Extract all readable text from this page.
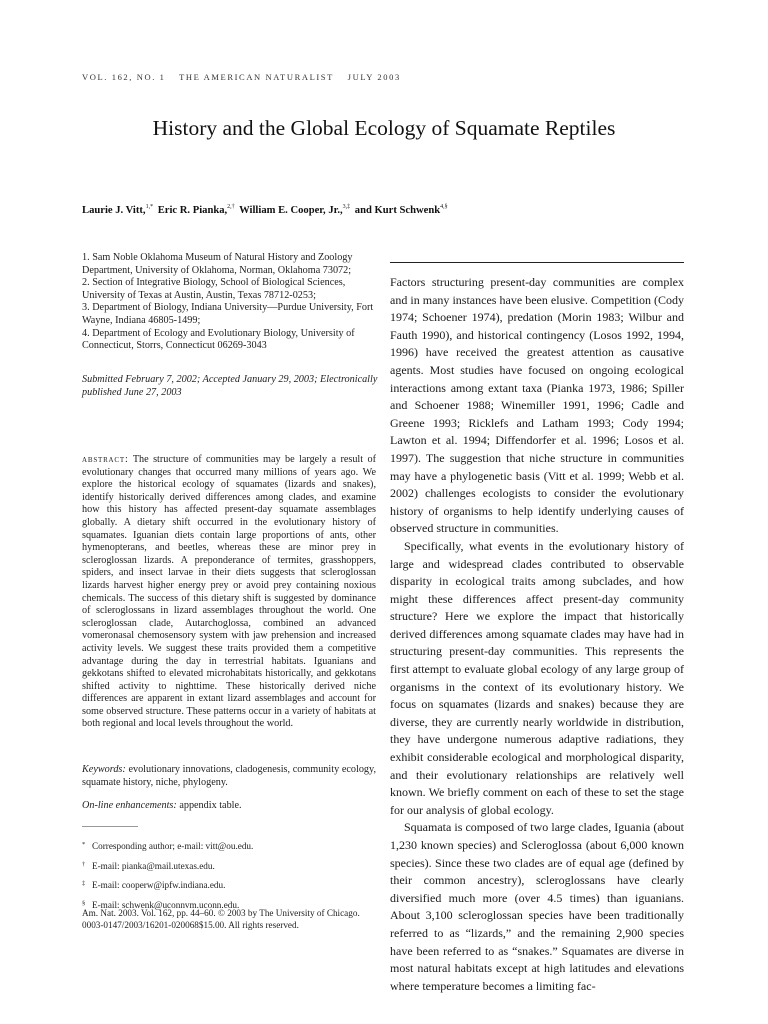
VOL. 162, NO. 1 THE AMERICAN NATURALIST JULY 2003
History and the Global Ecology of Squamate Reptiles
Laurie J. Vitt,$^{1,*}$ Eric R. Pianka,$^{2,\dagger}$ William E. Cooper, Jr.,$^{3,\ddagger}$ and Kurt Schwenk$^{4,\S}$
1. Sam Noble Oklahoma Museum of Natural History and Zoology Department, University of Oklahoma, Norman, Oklahoma 73072;
2. Section of Integrative Biology, School of Biological Sciences, University of Texas at Austin, Austin, Texas 78712-0253;
3. Department of Biology, Indiana University—Purdue University, Fort Wayne, Indiana 46805-1499;
4. Department of Ecology and Evolutionary Biology, University of Connecticut, Storrs, Connecticut 06269-3043
Submitted February 7, 2002; Accepted January 29, 2003; Electronically published June 27, 2003
abstract: The structure of communities may be largely a result of evolutionary changes that occurred many millions of years ago. We explore the historical ecology of squamates (lizards and snakes), identify historically derived differences among clades, and examine how this history has affected present-day squamate assemblages globally. A dietary shift occurred in the evolutionary history of squamates. Iguanian diets contain large proportions of ants, other hymenopterans, and beetles, whereas these are minor prey in scleroglossan lizards. A preponderance of termites, grasshoppers, spiders, and insect larvae in their diets suggests that scleroglossan lizards harvest higher energy prey or avoid prey containing noxious chemicals. The success of this dietary shift is suggested by dominance of scleroglossans in lizard assemblages throughout the world. One scleroglossan clade, Autarchoglossa, combined an advanced vomeronasal chemosensory system with jaw prehension and increased activity levels. We suggest these traits provided them a competitive advantage during the day in terrestrial habitats. Iguanians and gekkotans shifted to elevated microhabitats historically, and gekkotans shifted activity to nighttime. These historically derived niche differences are apparent in extant lizard assemblages and account for some observed structure. These patterns occur in a variety of habitats at both regional and local levels throughout the world.
Keywords: evolutionary innovations, cladogenesis, community ecology, squamate history, niche, phylogeny.
On-line enhancements: appendix table.
* Corresponding author; e-mail: vitt@ou.edu.
† E-mail: pianka@mail.utexas.edu.
‡ E-mail: cooperw@ipfw.indiana.edu.
§ E-mail: schwenk@uconnvm.uconn.edu.
Am. Nat. 2003. Vol. 162, pp. 44–60. © 2003 by The University of Chicago. 0003-0147/2003/16201-020068$15.00. All rights reserved.

Factors structuring present-day communities are complex and in many instances have been elusive. Competition (Cody 1974; Schoener 1974), predation (Morin 1983; Wilbur and Fauth 1990), and historical contingency (Losos 1992, 1994, 1996) have received the greatest attention as causative agents. Most studies have focused on ongoing ecological interactions among extant taxa (Pianka 1973, 1986; Spiller and Schoener 1988; Winemiller 1991, 1996; Cadle and Greene 1993; Ricklefs and Latham 1993; Cody 1994; Lawton et al. 1994; Diffendorfer et al. 1996; Losos et al. 1997). The suggestion that niche structure in communities may have a phylogenetic basis (Vitt et al. 1999; Webb et al. 2002) challenges ecologists to consider the evolutionary history of organisms to help identify underlying causes of observed structure in communities.

Specifically, what events in the evolutionary history of large and widespread clades contributed to observable disparity in ecological traits among subclades, and how might these differences affect present-day community structure? Here we explore the impact that historically derived differences among squamate clades may have had in structuring present-day communities. This represents the first attempt to evaluate global ecology of any large group of organisms in the context of its evolutionary history. We focus on squamates (lizards and snakes) because they are diverse, they are currently nearly worldwide in distribution, they have undergone numerous adaptive radiations, they exhibit considerable ecological and morphological disparity, and their evolutionary relationships are relatively well known. We briefly comment on each of these to set the stage for our analysis of global ecology.

Squamata is composed of two large clades, Iguania (about 1,230 known species) and Scleroglossa (about 6,000 known species). Since these two clades are of equal age (defined by their common ancestry), scleroglossans have clearly diversified much more (over 4.5 times) than iguanians. About 3,100 scleroglossan species have been traditionally referred to as “lizards,” and the remaining 2,900 species have been referred to as “snakes.” Squamates are diverse in most natural habitats except at high latitudes and elevations where temperature becomes a limiting fac-
